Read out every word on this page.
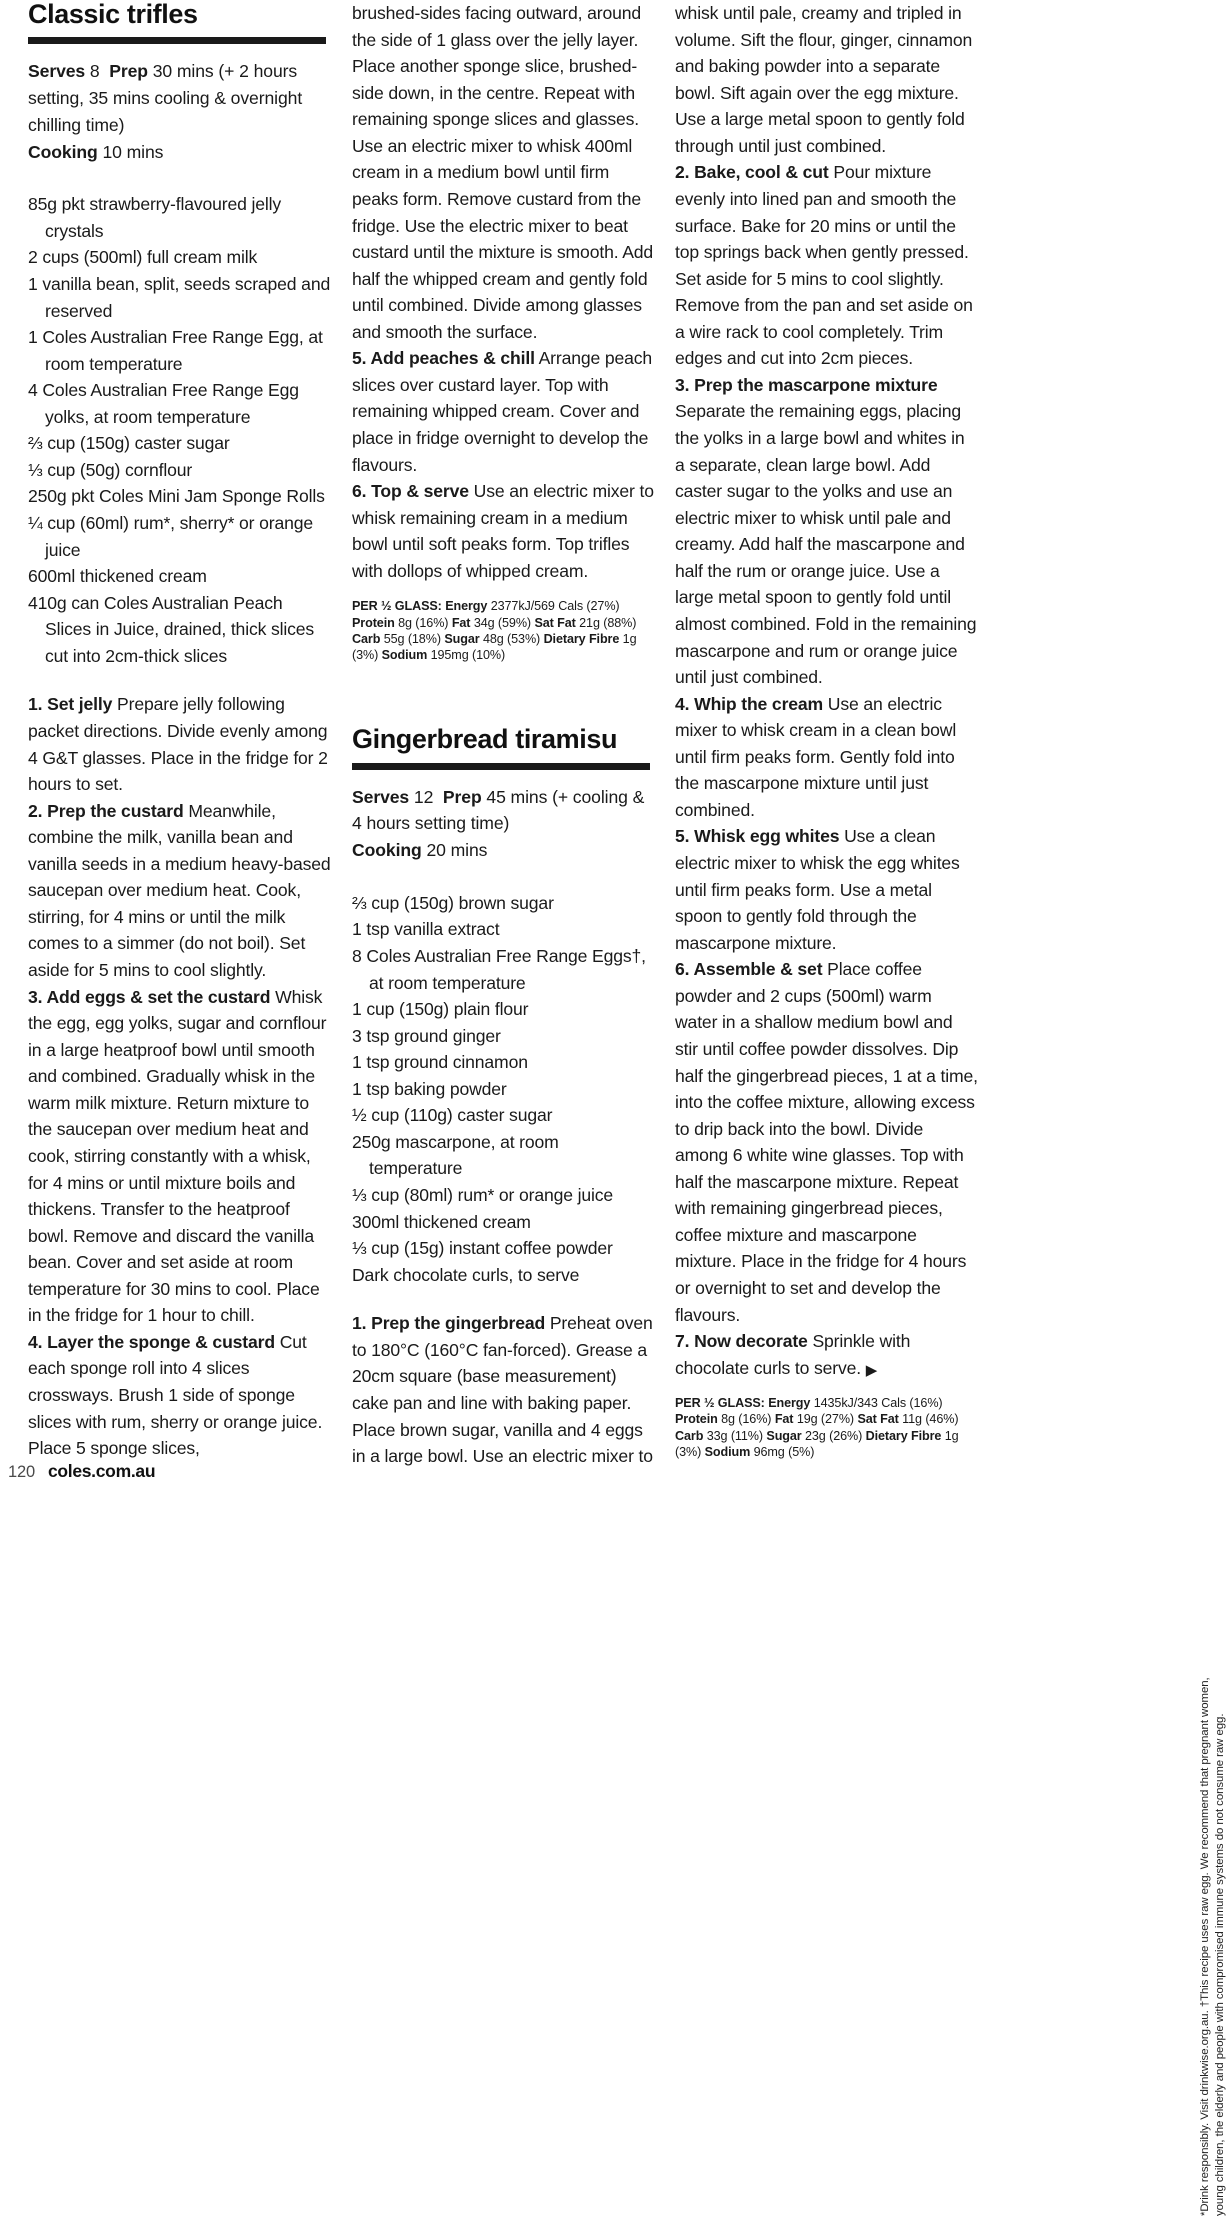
Classic trifles
Serves 8 Prep 30 mins (+ 2 hours setting, 35 mins cooling & overnight chilling time)
Cooking 10 mins

85g pkt strawberry-flavoured jelly crystals

2 cups (500ml) full cream milk

1 vanilla bean, split, seeds scraped and reserved

1 Coles Australian Free Range Egg, at room temperature

4 Coles Australian Free Range Egg yolks, at room temperature

⅔ cup (150g) caster sugar

⅓ cup (50g) cornflour

250g pkt Coles Mini Jam Sponge Rolls

¼ cup (60ml) rum*, sherry* or orange juice

600ml thickened cream

410g can Coles Australian Peach Slices in Juice, drained, thick slices cut into 2cm-thick slices

1. Set jelly Prepare jelly following packet directions. Divide evenly among 4 G&T glasses. Place in the fridge for 2 hours to set.

2. Prep the custard Meanwhile, combine the milk, vanilla bean and vanilla seeds in a medium heavy-based saucepan over medium heat. Cook, stirring, for 4 mins or until the milk comes to a simmer (do not boil). Set aside for 5 mins to cool slightly.

3. Add eggs & set the custard Whisk the egg, egg yolks, sugar and cornflour in a large heatproof bowl until smooth and combined. Gradually whisk in the warm milk mixture. Return mixture to the saucepan over medium heat and cook, stirring constantly with a whisk, for 4 mins or until mixture boils and thickens. Transfer to the heatproof bowl. Remove and discard the vanilla bean. Cover and set aside at room temperature for 30 mins to cool. Place in the fridge for 1 hour to chill.

4. Layer the sponge & custard Cut each sponge roll into 4 slices crossways. Brush 1 side of sponge slices with rum, sherry or orange juice. Place 5 sponge slices,

brushed-sides facing outward, around the side of 1 glass over the jelly layer. Place another sponge slice, brushed-side down, in the centre. Repeat with remaining sponge slices and glasses. Use an electric mixer to whisk 400ml cream in a medium bowl until firm peaks form. Remove custard from the fridge. Use the electric mixer to beat custard until the mixture is smooth. Add half the whipped cream and gently fold until combined. Divide among glasses and smooth the surface.

5. Add peaches & chill Arrange peach slices over custard layer. Top with remaining whipped cream. Cover and place in fridge overnight to develop the flavours.

6. Top & serve Use an electric mixer to whisk remaining cream in a medium bowl until soft peaks form. Top trifles with dollops of whipped cream.

PER ½ GLASS: Energy 2377kJ/569 Cals (27%) Protein 8g (16%) Fat 34g (59%) Sat Fat 21g (88%) Carb 55g (18%) Sugar 48g (53%) Dietary Fibre 1g (3%) Sodium 195mg (10%)
Gingerbread tiramisu
Serves 12 Prep 45 mins (+ cooling & 4 hours setting time)
Cooking 20 mins

⅔ cup (150g) brown sugar

1 tsp vanilla extract

8 Coles Australian Free Range Eggs†, at room temperature

1 cup (150g) plain flour

3 tsp ground ginger

1 tsp ground cinnamon

1 tsp baking powder

½ cup (110g) caster sugar

250g mascarpone, at room temperature

⅓ cup (80ml) rum* or orange juice

300ml thickened cream

⅓ cup (15g) instant coffee powder

Dark chocolate curls, to serve

1. Prep the gingerbread Preheat oven to 180°C (160°C fan-forced). Grease a 20cm square (base measurement) cake pan and line with baking paper. Place brown sugar, vanilla and 4 eggs in a large bowl. Use an electric mixer to

whisk until pale, creamy and tripled in volume. Sift the flour, ginger, cinnamon and baking powder into a separate bowl. Sift again over the egg mixture. Use a large metal spoon to gently fold through until just combined.

2. Bake, cool & cut Pour mixture evenly into lined pan and smooth the surface. Bake for 20 mins or until the top springs back when gently pressed. Set aside for 5 mins to cool slightly. Remove from the pan and set aside on a wire rack to cool completely. Trim edges and cut into 2cm pieces.

3. Prep the mascarpone mixture Separate the remaining eggs, placing the yolks in a large bowl and whites in a separate, clean large bowl. Add caster sugar to the yolks and use an electric mixer to whisk until pale and creamy. Add half the mascarpone and half the rum or orange juice. Use a large metal spoon to gently fold until almost combined. Fold in the remaining mascarpone and rum or orange juice until just combined.

4. Whip the cream Use an electric mixer to whisk cream in a clean bowl until firm peaks form. Gently fold into the mascarpone mixture until just combined.

5. Whisk egg whites Use a clean electric mixer to whisk the egg whites until firm peaks form. Use a metal spoon to gently fold through the mascarpone mixture.

6. Assemble & set Place coffee powder and 2 cups (500ml) warm water in a shallow medium bowl and stir until coffee powder dissolves. Dip half the gingerbread pieces, 1 at a time, into the coffee mixture, allowing excess to drip back into the bowl. Divide among 6 white wine glasses. Top with half the mascarpone mixture. Repeat with remaining gingerbread pieces, coffee mixture and mascarpone mixture. Place in the fridge for 4 hours or overnight to set and develop the flavours.

7. Now decorate Sprinkle with chocolate curls to serve. ▶

PER ½ GLASS: Energy 1435kJ/343 Cals (16%) Protein 8g (16%) Fat 19g (27%) Sat Fat 11g (46%) Carb 33g (11%) Sugar 23g (26%) Dietary Fibre 1g (3%) Sodium 96mg (5%)
*Drink responsibly. Visit drinkwise.org.au. †This recipe uses raw egg. We recommend that pregnant women, young children, the elderly and people with compromised immune systems do not consume raw egg.
120 coles.com.au
